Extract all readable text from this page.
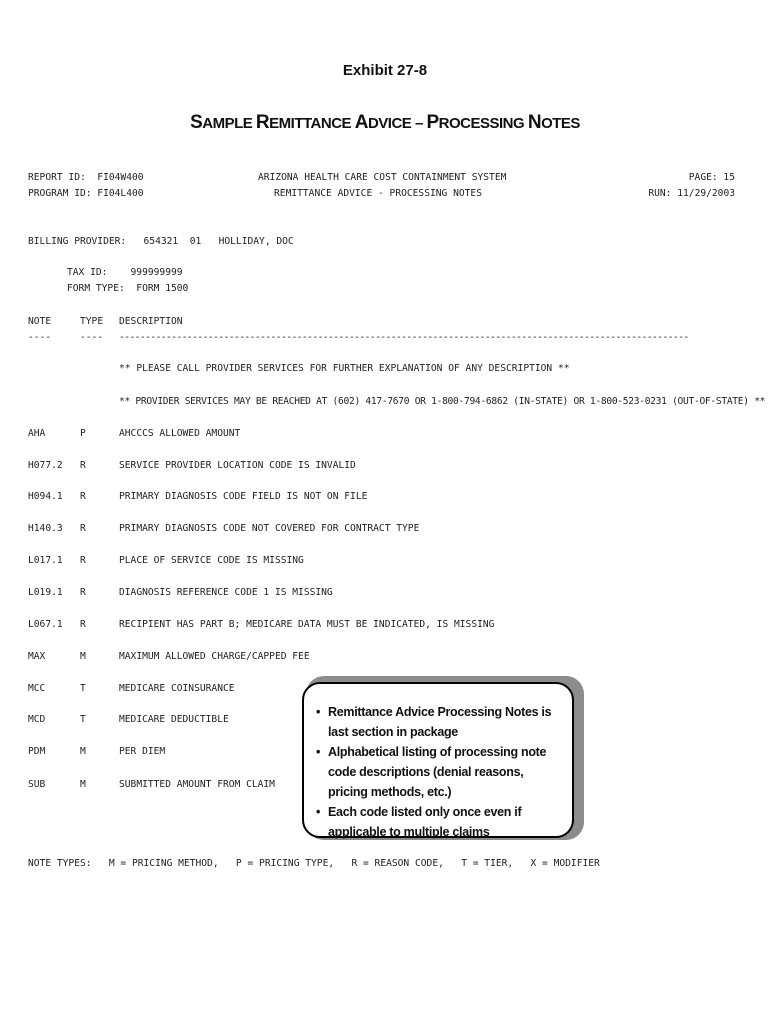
Exhibit 27-8
SAMPLE REMITTANCE ADVICE – PROCESSING NOTES
REPORT ID:  FI04W400
PROGRAM ID: FI04L400
ARIZONA HEALTH CARE COST CONTAINMENT SYSTEM
REMITTANCE ADVICE - PROCESSING NOTES
PAGE: 15
RUN: 11/29/2003
BILLING PROVIDER:   654321  01   HOLLIDAY, DOC
TAX ID:    999999999
FORM TYPE:  FORM 1500
NOTE	TYPE DESCRIPTION
----	---- -------------------------------------------------------------------------------------------------------------
** PLEASE CALL PROVIDER SERVICES FOR FURTHER EXPLANATION OF ANY DESCRIPTION **
** PROVIDER SERVICES MAY BE REACHED AT (602) 417-7670 OR 1-800-794-6862 (IN-STATE) OR 1-800-523-0231 (OUT-OF-STATE) **
AHA	P	AHCCCS ALLOWED AMOUNT
H077.2 R	SERVICE PROVIDER LOCATION CODE IS INVALID
H094.1 R	PRIMARY DIAGNOSIS CODE FIELD IS NOT ON FILE
H140.3 R	PRIMARY DIAGNOSIS CODE NOT COVERED FOR CONTRACT TYPE
L017.1 R	PLACE OF SERVICE CODE IS MISSING
L019.1 R	DIAGNOSIS REFERENCE CODE 1 IS MISSING
L067.1 R	RECIPIENT HAS PART B; MEDICARE DATA MUST BE INDICATED, IS MISSING
MAX	M	MAXIMUM ALLOWED CHARGE/CAPPED FEE
MCC	T	MEDICARE COINSURANCE
MCD	T	MEDICARE DEDUCTIBLE
PDM	M	PER DIEM
SUB	M	SUBMITTED AMOUNT FROM CLAIM
NOTE TYPES:   M = PRICING METHOD,   P = PRICING TYPE,   R = REASON CODE,   T = TIER,   X = MODIFIER
• Remittance Advice Processing Notes is last section in package
• Alphabetical listing of processing note code descriptions (denial reasons, pricing methods, etc.)
• Each code listed only once even if applicable to multiple claims
